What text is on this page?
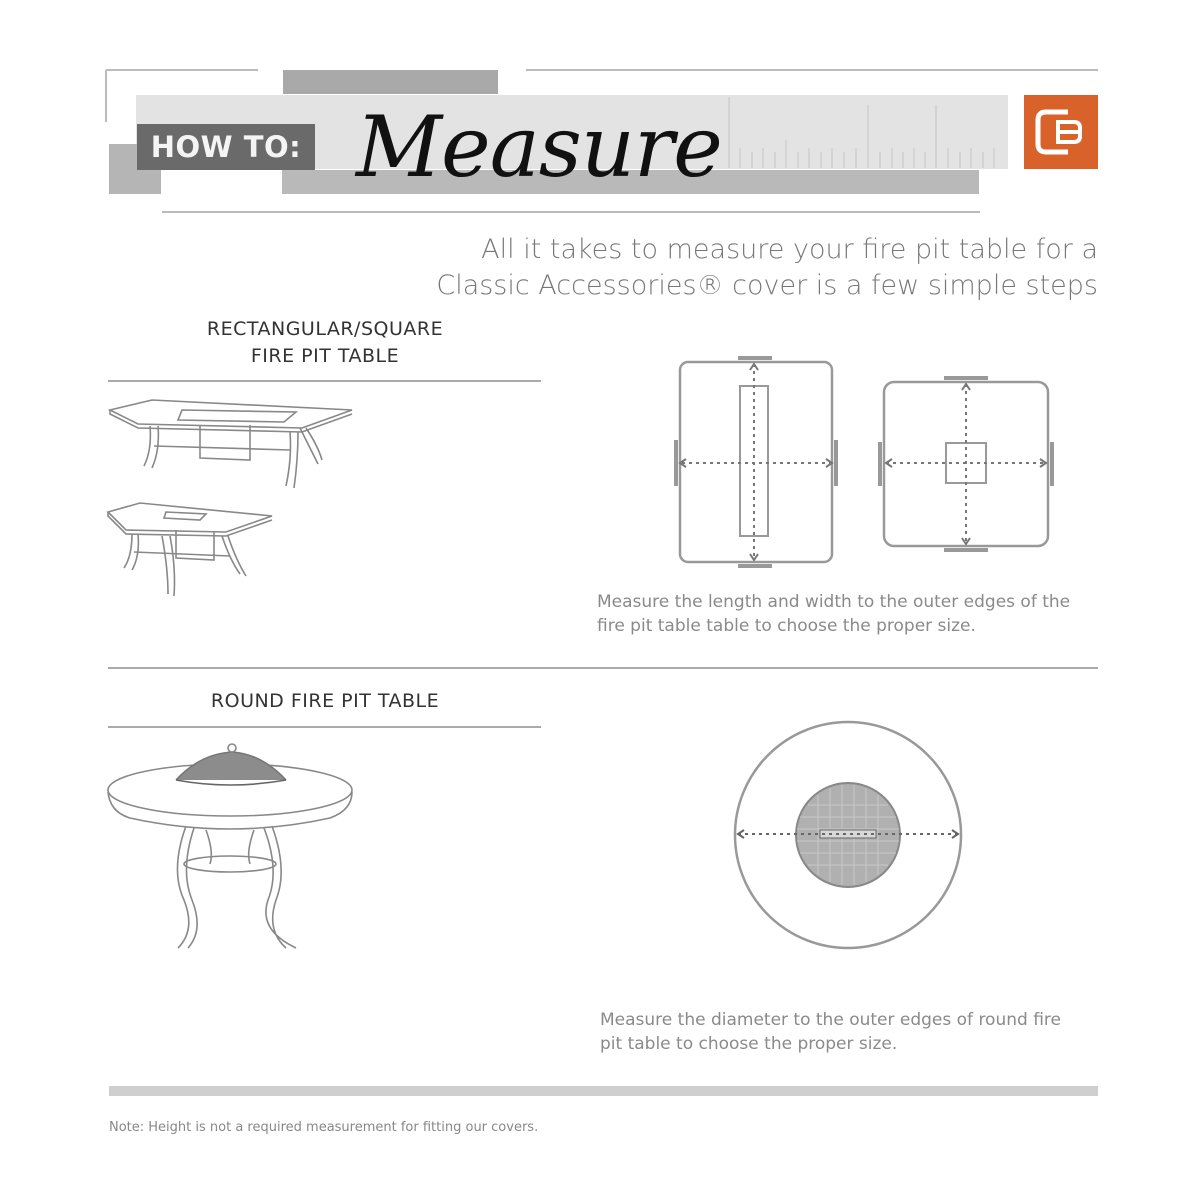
HOW TO: Measure
All it takes to measure your fire pit table for a
Classic Accessories® cover is a few simple steps
RECTANGULAR/SQUARE
FIRE PIT TABLE
Measure the length and width to the outer edges of the
fire pit table table to choose the proper size.
ROUND FIRE PIT TABLE
Measure the diameter to the outer edges of round fire
pit table to choose the proper size.
Note: Height is not a required measurement for fitting our covers.
